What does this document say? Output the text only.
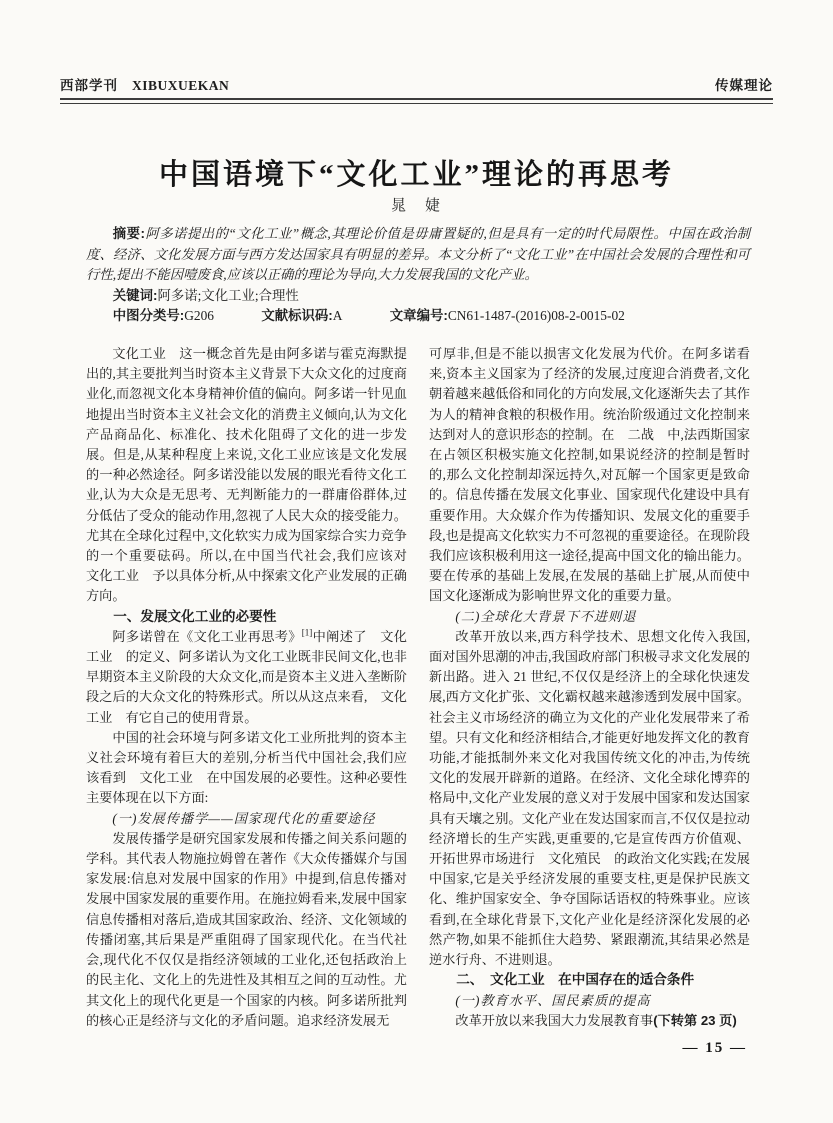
西部学刊 XIBUXUEKAN	传媒理论
中国语境下“文化工业”理论的再思考
晁　婕

摘要:阿多诺提出的“文化工业”概念,其理论价值是毋庸置疑的,但是具有一定的时代局限性。中国在政治制度、经济、文化发展方面与西方发达国家具有明显的差异。本文分析了“文化工业”在中国社会发展的合理性和可行性,提出不能因噎废食,应该以正确的理论为导向,大力发展我国的文化产业。

关键词:阿多诺;文化工业;合理性

中图分类号:G206	文献标识码:A	文章编号:CN61-1487-(2016)08-2-0015-02

文化工业　这一概念首先是由阿多诺与霍克海默提出的,其主要批判当时资本主义背景下大众文化的过度商业化,而忽视文化本身精神价值的偏向。阿多诺一针见血地提出当时资本主义社会文化的消费主义倾向,认为文化产品商品化、标准化、技术化阻碍了文化的进一步发展。但是,从某种程度上来说,文化工业应该是文化发展的一种必然途径。阿多诺没能以发展的眼光看待文化工业,认为大众是无思考、无判断能力的一群庸俗群体,过分低估了受众的能动作用,忽视了人民大众的接受能力。尤其在全球化过程中,文化软实力成为国家综合实力竞争的一个重要砝码。所以,在中国当代社会,我们应该对　文化工业　予以具体分析,从中探索文化产业发展的正确方向。

一、发展文化工业的必要性

阿多诺曾在《文化工业再思考》[1]中阐述了　文化工业　的定义、阿多诺认为文化工业既非民间文化,也非早期资本主义阶段的大众文化,而是资本主义进入垄断阶段之后的大众文化的特殊形式。所以从这点来看,　文化工业　有它自己的使用背景。

中国的社会环境与阿多诺文化工业所批判的资本主义社会环境有着巨大的差别,分析当代中国社会,我们应该看到　文化工业　在中国发展的必要性。这种必要性主要体现在以下方面:

(一)发展传播学——国家现代化的重要途径

发展传播学是研究国家发展和传播之间关系问题的学科。其代表人物施拉姆曾在著作《大众传播媒介与国家发展:信息对发展中国家的作用》中提到,信息传播对发展中国家发展的重要作用。在施拉姆看来,发展中国家信息传播相对落后,造成其国家政治、经济、文化领域的传播闭塞,其后果是严重阻碍了国家现代化。在当代社会,现代化不仅仅是指经济领域的工业化,还包括政治上的民主化、文化上的先进性及其相互之间的互动性。尤其文化上的现代化更是一个国家的内核。阿多诺所批判的核心正是经济与文化的矛盾问题。追求经济发展无

可厚非,但是不能以损害文化发展为代价。在阿多诺看来,资本主义国家为了经济的发展,过度迎合消费者,文化朝着越来越低俗和同化的方向发展,文化逐渐失去了其作为人的精神食粮的积极作用。统治阶级通过文化控制来达到对人的意识形态的控制。在　二战　中,法西斯国家在占领区积极实施文化控制,如果说经济的控制是暂时的,那么文化控制却深远持久,对瓦解一个国家更是致命的。信息传播在发展文化事业、国家现代化建设中具有重要作用。大众媒介作为传播知识、发展文化的重要手段,也是提高文化软实力不可忽视的重要途径。在现阶段我们应该积极利用这一途径,提高中国文化的输出能力。要在传承的基础上发展,在发展的基础上扩展,从而使中国文化逐渐成为影响世界文化的重要力量。

(二)全球化大背景下不进则退

改革开放以来,西方科学技术、思想文化传入我国,面对国外思潮的冲击,我国政府部门积极寻求文化发展的新出路。进入 21 世纪,不仅仅是经济上的全球化快速发展,西方文化扩张、文化霸权越来越渗透到发展中国家。社会主义市场经济的确立为文化的产业化发展带来了希望。只有文化和经济相结合,才能更好地发挥文化的教育功能,才能抵制外来文化对我国传统文化的冲击,为传统文化的发展开辟新的道路。在经济、文化全球化博弈的格局中,文化产业发展的意义对于发展中国家和发达国家具有天壤之别。文化产业在发达国家而言,不仅仅是拉动经济增长的生产实践,更重要的,它是宣传西方价值观、开拓世界市场进行　文化殖民　的政治文化实践;在发展中国家,它是关乎经济发展的重要支柱,更是保护民族文化、维护国家安全、争夺国际话语权的特殊事业。应该看到,在全球化背景下,文化产业化是经济深化发展的必然产物,如果不能抓住大趋势、紧跟潮流,其结果必然是逆水行舟、不进则退。

二、　文化工业　在中国存在的适合条件

(一)教育水平、国民素质的提高

改革开放以来我国大力发展教育事(下转第 23 页)

— 15 —
